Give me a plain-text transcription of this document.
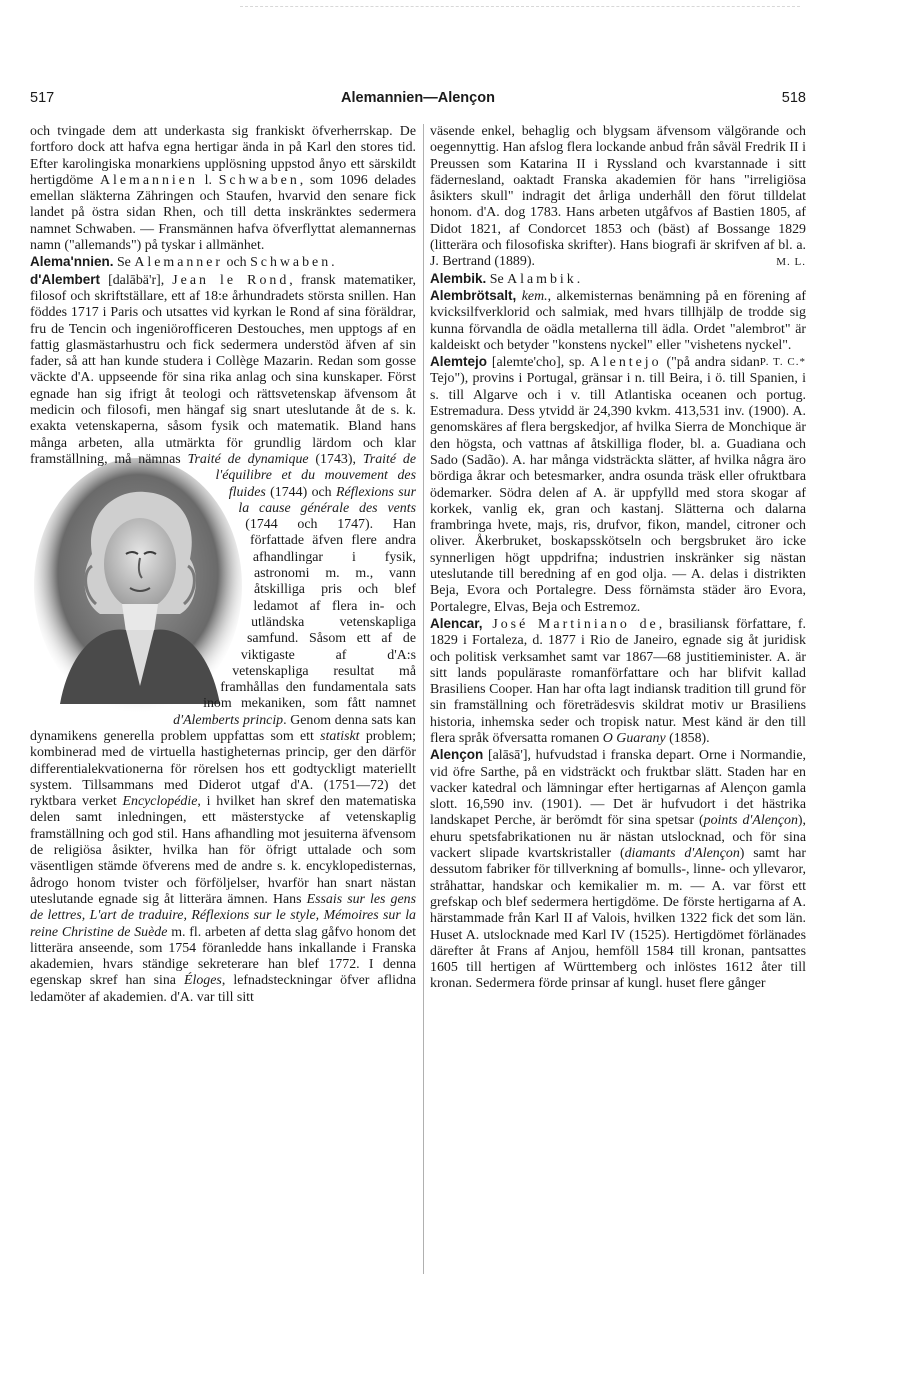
517	Alemannien—Alençon	518

och tvingade dem att underkasta sig frankiskt öfverherrskap. De fortforo dock att hafva egna hertigar ända in på Karl den stores tid. Efter karolingiska monarkiens upplösning uppstod ånyo ett särskildt hertigdöme Alemannien l. Schwaben, som 1096 delades emellan släkterna Zähringen och Staufen, hvarvid den senare fick landet på östra sidan Rhen, och till detta inskränktes sedermera namnet Schwaben. — Fransmännen hafva öfverflyttat alemannernas namn ("allemands") på tyskar i allmänhet.

Alema'nnien. Se Alemanner och Schwaben.

d'Alembert [dalābä'r], Jean le Rond, fransk matematiker, filosof och skriftställare, ett af 18:e århundradets största snillen. Han föddes 1717 i Paris och utsattes vid kyrkan le Rond af sina föräldrar, fru de Tencin och ingeniörofficeren Destouches, men upptogs af en fattig glasmästarhustru och fick sedermera understöd äfven af sin fader, så att han kunde studera i Collège Mazarin. Redan som gosse väckte d'A. uppseende för sina rika anlag och sina kunskaper. Först egnade han sig ifrigt åt teologi och rättsvetenskap äfvensom åt medicin och filosofi, men hängaf sig snart uteslutande åt de s. k. exakta vetenskaperna, såsom fysik och matematik. Bland hans många arbeten, alla utmärkta för grundlig lärdom och klar framställning, må nämnas
Traité de dynamique (1743), Traité de l'équilibre et du mouvement des fluides (1744) och Réflexions sur la cause générale des vents (1744 och 1747). Han författade äfven flere andra afhandlingar i fysik, astronomi m. m., vann åtskilliga pris och blef ledamot af flera in- och utländska vetenskapliga samfund. Såsom ett af de viktigaste af d'A:s vetenskapliga resultat må framhållas den fundamentala sats inom mekaniken, som fått namnet d'Alemberts princip. Genom denna sats kan dynamikens generella problem uppfattas som ett statiskt problem; kombinerad med de virtuella hastigheternas princip, ger den därför differentialekvationerna för rörelsen hos ett godtyckligt materiellt system. Tillsammans med Diderot utgaf d'A. (1751—72) det ryktbara verket Encyclopédie, i hvilket han skref den matematiska delen samt inledningen, ett mästerstycke af vetenskaplig framställning och god stil. Hans afhandling mot jesuiterna äfvensom de religiösa åsikter, hvilka han för öfrigt uttalade och som väsentligen stämde öfverens med de andre s. k. encyklopedisternas, ådrogo honom tvister och förföljelser, hvarför han snart nästan uteslutande egnade sig åt litterära ämnen. Hans Essais sur les gens de lettres, L'art de traduire, Réflexions sur le style, Mémoires sur la reine Christine de Suède m. fl. arbeten af detta slag gåfvo honom det litterära anseende, som 1754 föranledde hans inkallande i Franska akademien, hvars ständige sekreterare han blef 1772. I denna egenskap skref han sina Éloges, lefnadsteckningar öfver aflidna ledamöter af akademien. d'A. var till sitt

väsende enkel, behaglig och blygsam äfvensom välgörande och oegennyttig. Han afslog flera lockande anbud från såväl Fredrik II i Preussen som Katarina II i Ryssland och kvarstannade i sitt fädernesland, oaktadt Franska akademien för hans "irreligiösa åsikters skull" indragit det årliga underhåll den förut tilldelat honom. d'A. dog 1783. Hans arbeten utgåfvos af Bastien 1805, af Didot 1821, af Condorcet 1853 och (bäst) af Bossange 1829 (litterära och filosofiska skrifter). Hans biografi är skrifven af bl. a. J. Bertrand (1889).	M. L.

Alembik. Se Alambik.

Alembrötsalt, kem., alkemisternas benämning på en förening af kvicksilfverklorid och salmiak, med hvars tillhjälp de trodde sig kunna förvandla de oädla metallerna till ädla. Ordet "alembrot" är kaldeiskt och betyder "konstens nyckel" eller "vishetens nyckel".
P. T. C.*

Alemtejo [alemte'cho], sp. Alentejo ("på andra sidan Tejo"), provins i Portugal, gränsar i n. till Beira, i ö. till Spanien, i s. till Algarve och i v. till Atlantiska oceanen och portug. Estremadura. Dess ytvidd är 24,390 kvkm. 413,531 inv. (1900). A. genomskäres af flera bergskedjor, af hvilka Sierra de Monchique är den högsta, och vattnas af åtskilliga floder, bl. a. Guadiana och Sado (Sadão). A. har många vidsträckta slätter, af hvilka några äro bördiga åkrar och betesmarker, andra osunda träsk eller ofruktbara ödemarker. Södra delen af A. är uppfylld med stora skogar af korkek, vanlig ek, gran och kastanj. Slätterna och dalarna frambringa hvete, majs, ris, drufvor, fikon, mandel, citroner och oliver. Åkerbruket, boskapsskötseln och bergsbruket äro icke synnerligen högt uppdrifna; industrien inskränker sig nästan uteslutande till beredning af en god olja. — A. delas i distrikten Beja, Evora och Portalegre. Dess förnämsta städer äro Evora, Portalegre, Elvas, Beja och Estremoz.

Alencar, José Martiniano de, brasiliansk författare, f. 1829 i Fortaleza, d. 1877 i Rio de Janeiro, egnade sig åt juridisk och politisk verksamhet samt var 1867—68 justitieminister. A. är sitt lands populäraste romanförfattare och har blifvit kallad Brasiliens Cooper. Han har ofta lagt indiansk tradition till grund för sin framställning och företrädesvis skildrat motiv ur Brasiliens historia, inhemska seder och tropisk natur. Mest känd är den till flera språk öfversatta romanen O Guarany (1858).

Alençon [alāsā'], hufvudstad i franska depart. Orne i Normandie, vid öfre Sarthe, på en vidsträckt och fruktbar slätt. Staden har en vacker katedral och lämningar efter hertigarnas af Alençon gamla slott. 16,590 inv. (1901). — Det är hufvudort i det hästrika landskapet Perche, är berömdt för sina spetsar (points d'Alençon), ehuru spetsfabrikationen nu är nästan utslocknad, och för sina vackert slipade kvartskristaller (diamants d'Alençon) samt har dessutom fabriker för tillverkning af bomulls-, linne- och yllevaror, stråhattar, handskar och kemikalier m. m. — A. var först ett grefskap och blef sedermera hertigdöme. De förste hertigarna af A. härstammade från Karl II af Valois, hvilken 1322 fick det som län. Huset A. utslocknade med Karl IV (1525). Hertigdömet förlänades därefter åt Frans af Anjou, hemföll 1584 till kronan, pantsattes 1605 till hertigen af Württemberg och inlöstes 1612 åter till kronan. Sedermera förde prinsar af kungl. huset flere gånger
